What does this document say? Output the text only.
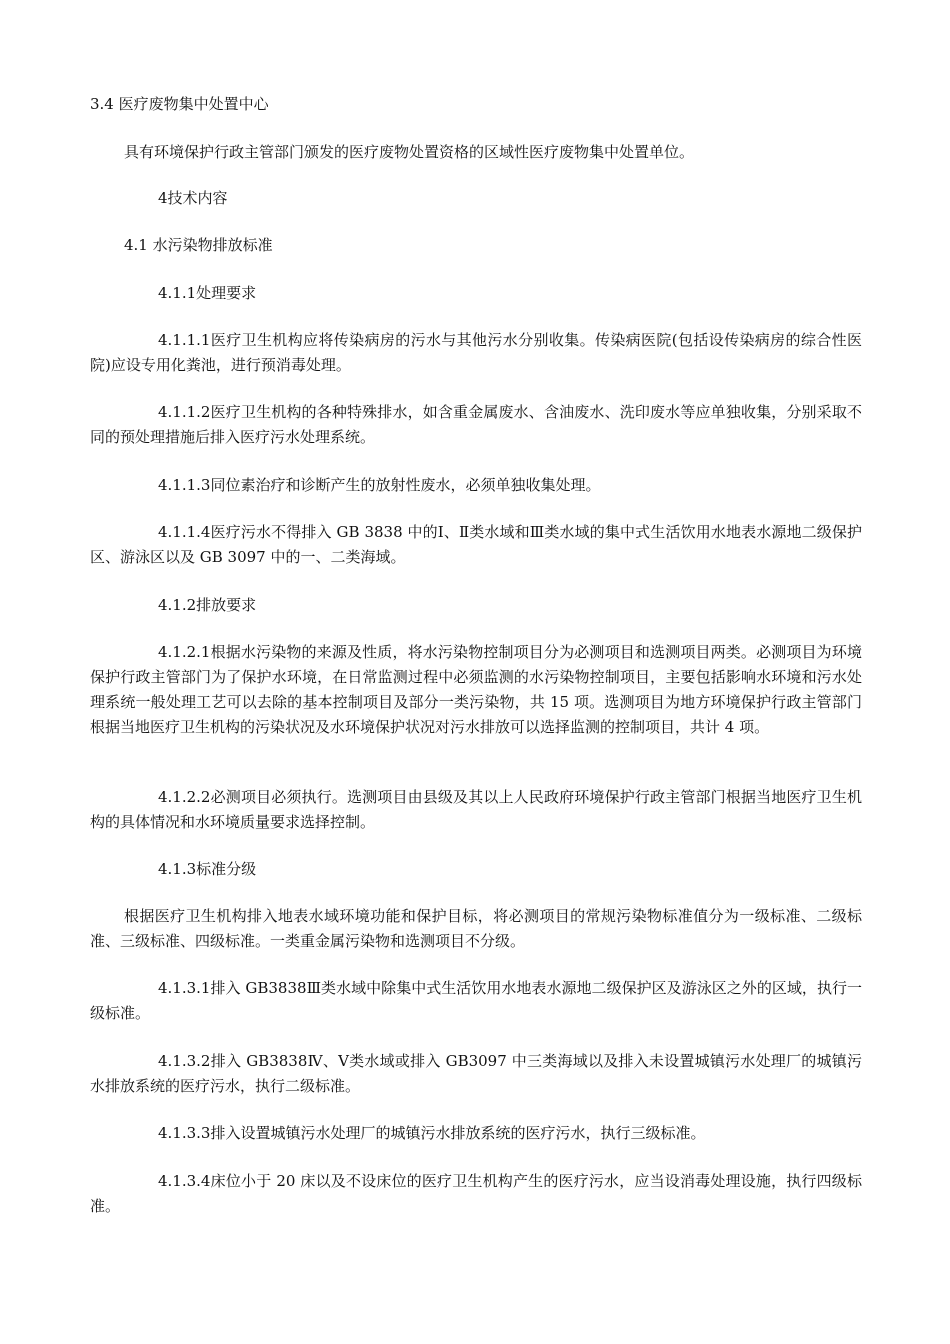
3.4 医疗废物集中处置中心

具有环境保护行政主管部门颁发的医疗废物处置资格的区域性医疗废物集中处置单位。

4技术内容

4.1 水污染物排放标准

4.1.1处理要求

4.1.1.1医疗卫生机构应将传染病房的污水与其他污水分别收集。传染病医院(包括设传染病房的综合性医院)应设专用化粪池，进行预消毒处理。

4.1.1.2医疗卫生机构的各种特殊排水，如含重金属废水、含油废水、洗印废水等应单独收集，分别采取不同的预处理措施后排入医疗污水处理系统。

4.1.1.3同位素治疗和诊断产生的放射性废水，必须单独收集处理。

4.1.1.4医疗污水不得排入 GB 3838 中的Ⅰ、Ⅱ类水域和Ⅲ类水域的集中式生活饮用水地表水源地二级保护区、游泳区以及 GB 3097 中的一、二类海域。

4.1.2排放要求

4.1.2.1根据水污染物的来源及性质，将水污染物控制项目分为必测项目和选测项目两类。必测项目为环境保护行政主管部门为了保护水环境，在日常监测过程中必须监测的水污染物控制项目，主要包括影响水环境和污水处理系统一般处理工艺可以去除的基本控制项目及部分一类污染物，共 15 项。选测项目为地方环境保护行政主管部门根据当地医疗卫生机构的污染状况及水环境保护状况对污水排放可以选择监测的控制项目，共计 4 项。

4.1.2.2必测项目必须执行。选测项目由县级及其以上人民政府环境保护行政主管部门根据当地医疗卫生机构的具体情况和水环境质量要求选择控制。

4.1.3标准分级

根据医疗卫生机构排入地表水域环境功能和保护目标，将必测项目的常规污染物标准值分为一级标准、二级标准、三级标准、四级标准。一类重金属污染物和选测项目不分级。

4.1.3.1排入 GB3838Ⅲ类水域中除集中式生活饮用水地表水源地二级保护区及游泳区之外的区域，执行一级标准。

4.1.3.2排入 GB3838Ⅳ、Ⅴ类水域或排入 GB3097 中三类海域以及排入未设置城镇污水处理厂的城镇污水排放系统的医疗污水，执行二级标准。

4.1.3.3排入设置城镇污水处理厂的城镇污水排放系统的医疗污水，执行三级标准。

4.1.3.4床位小于 20 床以及不设床位的医疗卫生机构产生的医疗污水，应当设消毒处理设施，执行四级标准。
